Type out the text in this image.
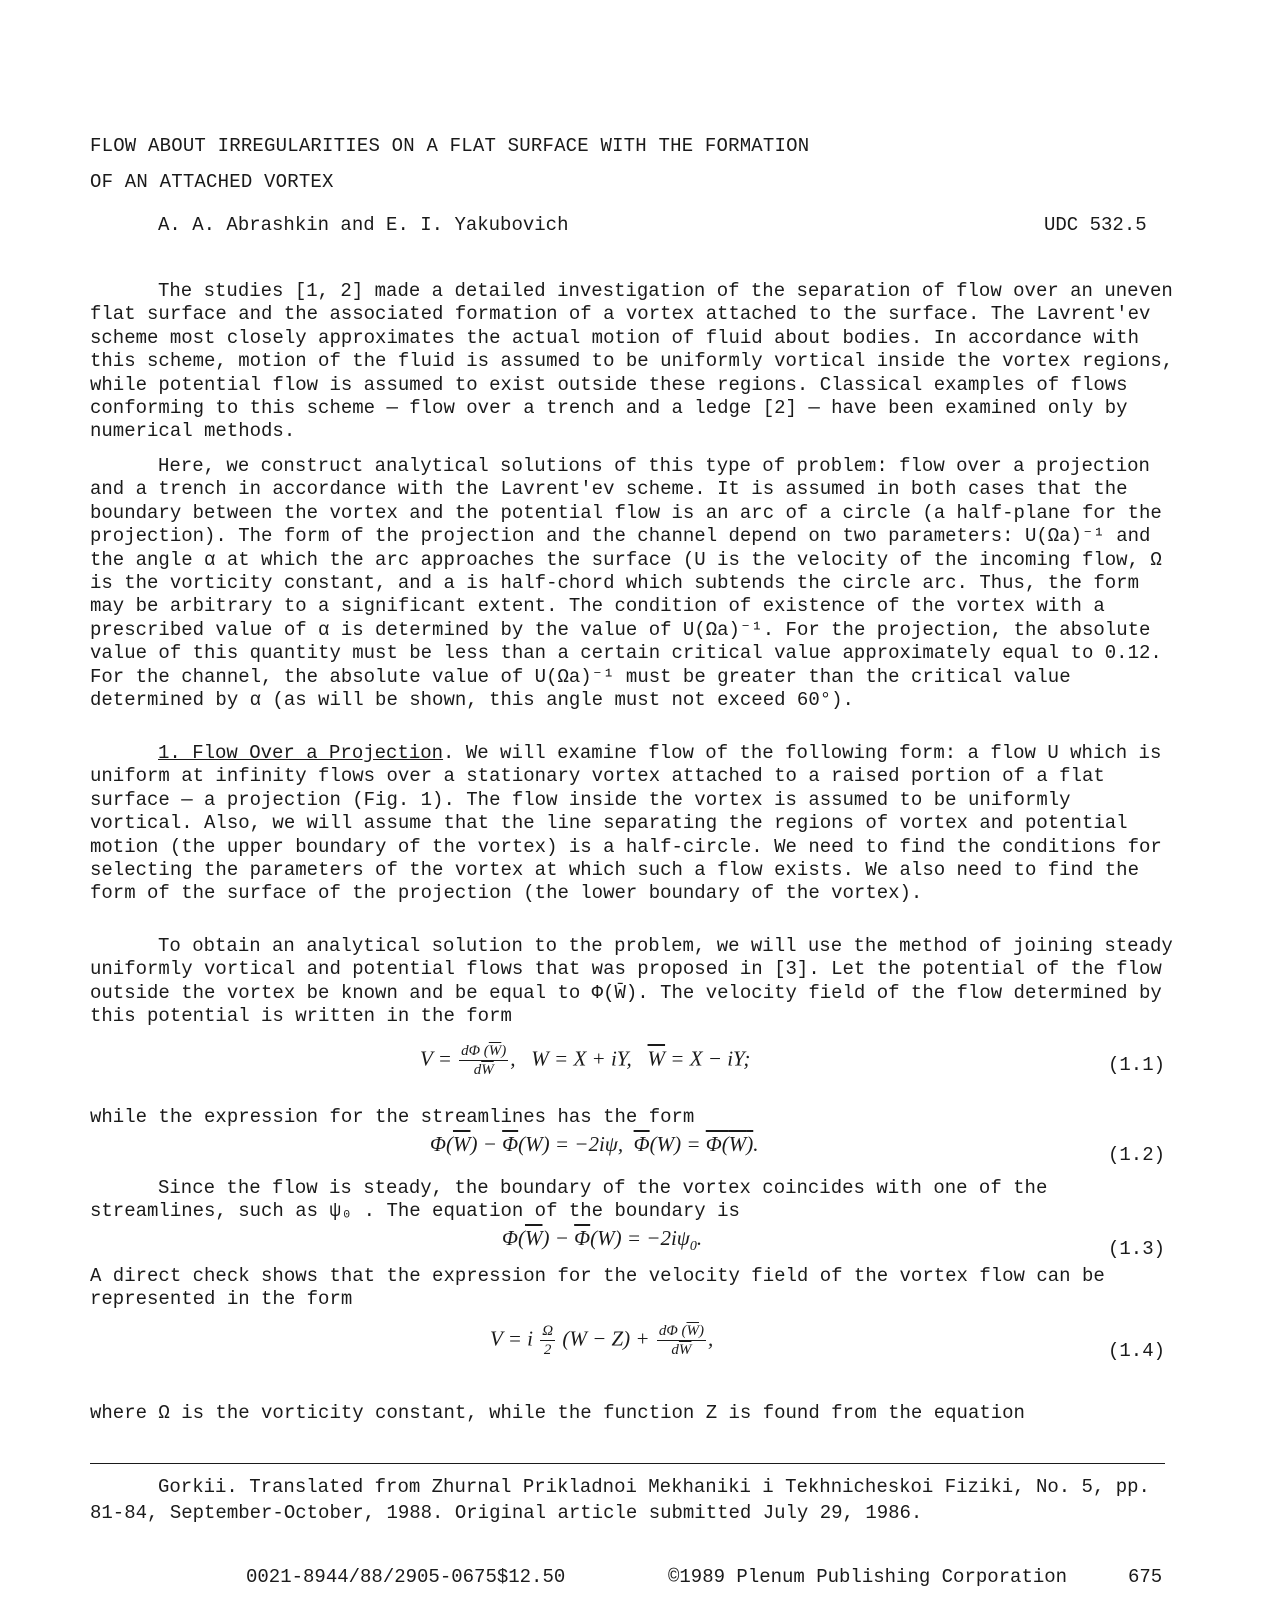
FLOW ABOUT IRREGULARITIES ON A FLAT SURFACE WITH THE FORMATION
OF AN ATTACHED VORTEX
A. A. Abrashkin and E. I. Yakubovich	UDC 532.5

The studies [1, 2] made a detailed investigation of the separation of flow over an uneven flat surface and the associated formation of a vortex attached to the surface. The Lavrent'ev scheme most closely approximates the actual motion of fluid about bodies. In accordance with this scheme, motion of the fluid is assumed to be uniformly vortical inside the vortex regions, while potential flow is assumed to exist outside these regions. Classical examples of flows conforming to this scheme — flow over a trench and a ledge [2] — have been examined only by numerical methods.

Here, we construct analytical solutions of this type of problem: flow over a projection and a trench in accordance with the Lavrent'ev scheme. It is assumed in both cases that the boundary between the vortex and the potential flow is an arc of a circle (a half-plane for the projection). The form of the projection and the channel depend on two parameters: U(Ωa)⁻¹ and the angle α at which the arc approaches the surface (U is the velocity of the incoming flow, Ω is the vorticity constant, and a is half-chord which subtends the circle arc. Thus, the form may be arbitrary to a significant extent. The condition of existence of the vortex with a prescribed value of α is determined by the value of U(Ωa)⁻¹. For the projection, the absolute value of this quantity must be less than a certain critical value approximately equal to 0.12. For the channel, the absolute value of U(Ωa)⁻¹ must be greater than the critical value determined by α (as will be shown, this angle must not exceed 60°).

1. Flow Over a Projection. We will examine flow of the following form: a flow U which is uniform at infinity flows over a stationary vortex attached to a raised portion of a flat surface — a projection (Fig. 1). The flow inside the vortex is assumed to be uniformly vortical. Also, we will assume that the line separating the regions of vortex and potential motion (the upper boundary of the vortex) is a half-circle. We need to find the conditions for selecting the parameters of the vortex at which such a flow exists. We also need to find the form of the surface of the projection (the lower boundary of the vortex).

To obtain an analytical solution to the problem, we will use the method of joining steady uniformly vortical and potential flows that was proposed in [3]. Let the potential of the flow outside the vortex be known and be equal to Φ(W̄). The velocity field of the flow determined by this potential is written in the form

$V = \frac{d\Phi (\overline{W})}{d\overline{W}}$ ,   W = X + iY,   $\overline{W} = X$ − iY;	(1.1)

while the expression for the streamlines has the form

$\Phi(\overline{W}) - \overline{\Phi}(W) = -2i\psi$,  $\overline{\Phi}(W) = \Phi(W)$.	(1.2)

Since the flow is steady, the boundary of the vortex coincides with one of the streamlines, such as ψ₀ . The equation of the boundary is

$\Phi(\overline{W}) - \overline{\Phi}(W) = -2i\psi_0$.	(1.3)

A direct check shows that the expression for the velocity field of the vortex flow can be represented in the form

V = i $\frac{\Omega}{2} (W - Z) + \frac{d\Phi (\overline{W})}{d\overline{W}}$ ,
(1.4)

where Ω is the vorticity constant, while the function Z is found from the equation

Gorkii. Translated from Zhurnal Prikladnoi Mekhaniki i Tekhnicheskoi Fiziki, No. 5, pp. 81-84, September-October, 1988. Original article submitted July 29, 1986.

0021-8944/88/2905-0675$12.50	©1989 Plenum Publishing Corporation	675
